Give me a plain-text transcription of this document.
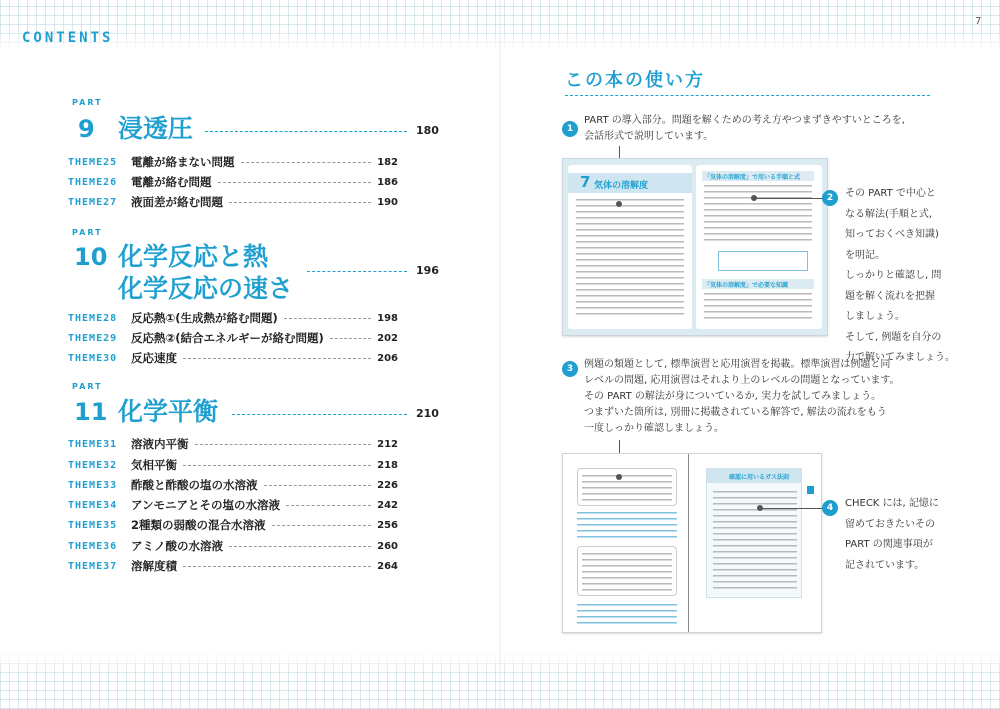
CONTENTS
7
PART
9 浸透圧	180
THEME25	電離が絡まない問題	182
THEME26	電離が絡む問題	186
THEME27	液面差が絡む問題	190
PART
10 化学反応と熱
化学反応の速さ
196
THEME28	反応熱①(生成熱が絡む問題)	198
THEME29	反応熱②(結合エネルギーが絡む問題)	202
THEME30	反応速度	206
PART
11 化学平衡	210
THEME31	溶液内平衡	212
THEME32	気相平衡	218
THEME33	酢酸と酢酸の塩の水溶液	226
THEME34	アンモニアとその塩の水溶液	242
THEME35	2種類の弱酸の混合水溶液	256
THEME36	アミノ酸の水溶液	260
THEME37	溶解度積	264
この本の使い方
1
PART の導入部分。問題を解くための考え方やつまずきやすいところを,
会話形式で説明しています。
7 気体の溶解度
「気体の溶解度」で用いる手順と式
「気体の溶解度」で必要な知識
2	その PART で中心と
なる解法(手順と式,
知っておくべき知識)
を明記。
しっかりと確認し, 問
題を解く流れを把握
しましょう。
そして, 例題を自分の
力で解いてみましょう。
3	例題の類題として, 標準演習と応用演習を掲載。標準演習は例題と同
レベルの問題, 応用演習はそれより上のレベルの問題となっています。
その PART の解法が身についているか, 実力を試してみましょう。
つまずいた箇所は, 別冊に掲載されている解答で, 解法の流れをもう
一度しっかり確認しましょう。
確認に用いるガス法則
4	CHECK には, 記憶に
留めておきたいその
PART の関連事項が
記されています。
